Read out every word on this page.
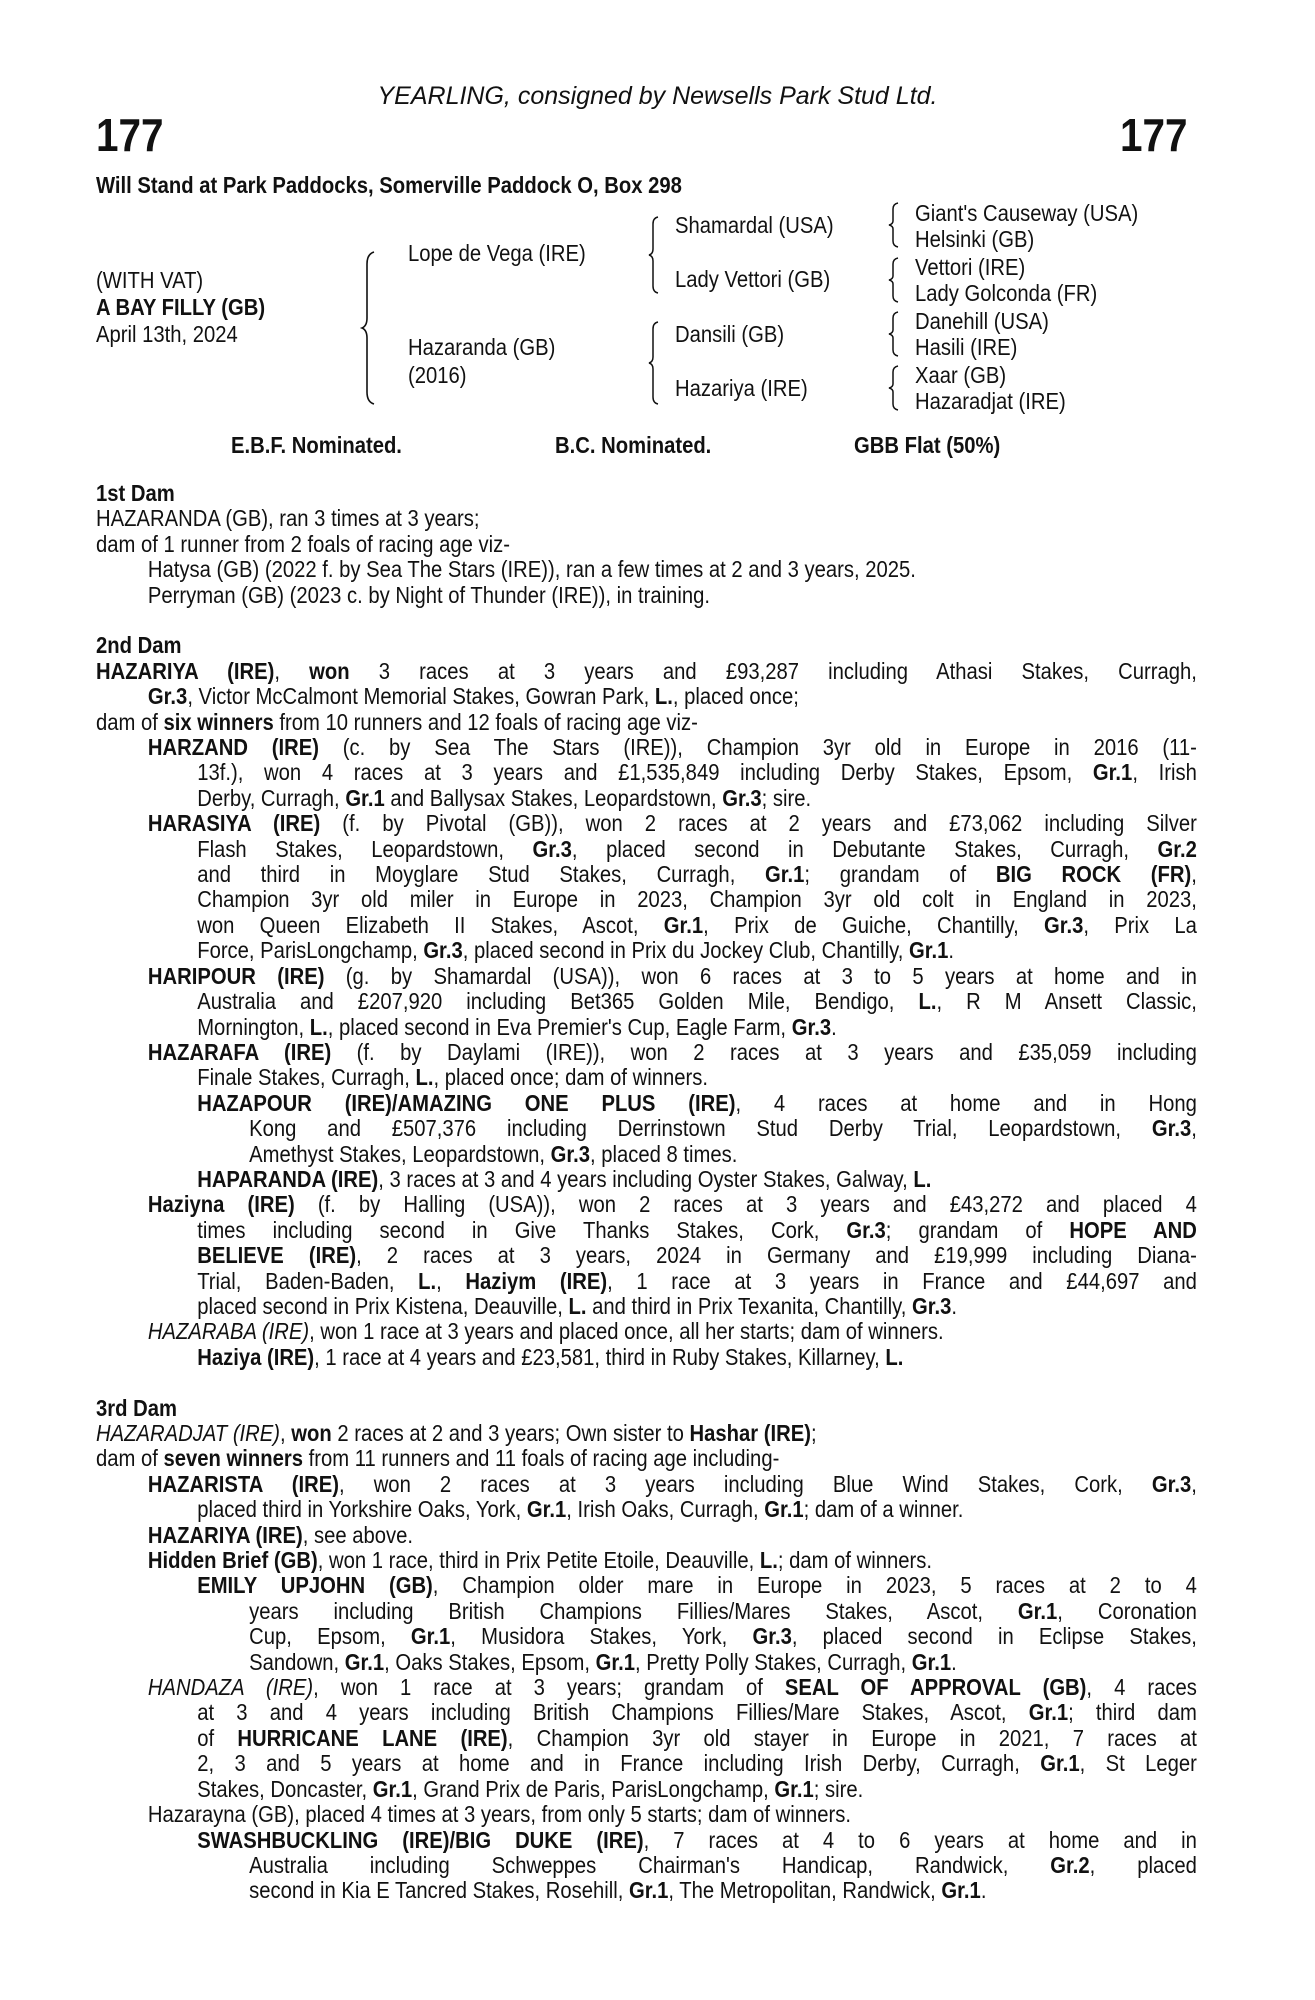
YEARLING, consigned by Newsells Park Stud Ltd.
177	177
Will Stand at Park Paddocks, Somerville Paddock O, Box 298
(WITH VAT)
A BAY FILLY (GB)
April 13th, 2024
Lope de Vega (IRE)
Hazaranda (GB)
(2016)
Shamardal (USA)
Lady Vettori (GB)
Dansili (GB)
Hazariya (IRE)
Giant's Causeway (USA)
Helsinki (GB)
Vettori (IRE)
Lady Golconda (FR)
Danehill (USA)
Hasili (IRE)
Xaar (GB)
Hazaradjat (IRE)
E.B.F. Nominated.	B.C. Nominated.	GBB Flat (50%)
1st Dam
HAZARANDA (GB), ran 3 times at 3 years;
dam of 1 runner from 2 foals of racing age viz-
Hatysa (GB) (2022 f. by Sea The Stars (IRE)), ran a few times at 2 and 3 years, 2025.
Perryman (GB) (2023 c. by Night of Thunder (IRE)), in training.
2nd Dam
HAZARIYA (IRE), won 3 races at 3 years and £93,287 including Athasi Stakes, Curragh,
Gr.3, Victor McCalmont Memorial Stakes, Gowran Park, L., placed once;
dam of six winners from 10 runners and 12 foals of racing age viz-
HARZAND (IRE) (c. by Sea The Stars (IRE)), Champion 3yr old in Europe in 2016 (11-
13f.), won 4 races at 3 years and £1,535,849 including Derby Stakes, Epsom, Gr.1, Irish
Derby, Curragh, Gr.1 and Ballysax Stakes, Leopardstown, Gr.3; sire.
HARASIYA (IRE) (f. by Pivotal (GB)), won 2 races at 2 years and £73,062 including Silver
Flash Stakes, Leopardstown, Gr.3, placed second in Debutante Stakes, Curragh, Gr.2
and third in Moyglare Stud Stakes, Curragh, Gr.1; grandam of BIG ROCK (FR),
Champion 3yr old miler in Europe in 2023, Champion 3yr old colt in England in 2023,
won Queen Elizabeth II Stakes, Ascot, Gr.1, Prix de Guiche, Chantilly, Gr.3, Prix La
Force, ParisLongchamp, Gr.3, placed second in Prix du Jockey Club, Chantilly, Gr.1.
HARIPOUR (IRE) (g. by Shamardal (USA)), won 6 races at 3 to 5 years at home and in
Australia and £207,920 including Bet365 Golden Mile, Bendigo, L., R M Ansett Classic,
Mornington, L., placed second in Eva Premier's Cup, Eagle Farm, Gr.3.
HAZARAFA (IRE) (f. by Daylami (IRE)), won 2 races at 3 years and £35,059 including
Finale Stakes, Curragh, L., placed once; dam of winners.
HAZAPOUR (IRE)/AMAZING ONE PLUS (IRE), 4 races at home and in Hong
Kong and £507,376 including Derrinstown Stud Derby Trial, Leopardstown, Gr.3,
Amethyst Stakes, Leopardstown, Gr.3, placed 8 times.
HAPARANDA (IRE), 3 races at 3 and 4 years including Oyster Stakes, Galway, L.
Haziyna (IRE) (f. by Halling (USA)), won 2 races at 3 years and £43,272 and placed 4
times including second in Give Thanks Stakes, Cork, Gr.3; grandam of HOPE AND
BELIEVE (IRE), 2 races at 3 years, 2024 in Germany and £19,999 including Diana-
Trial, Baden-Baden, L., Haziym (IRE), 1 race at 3 years in France and £44,697 and
placed second in Prix Kistena, Deauville, L. and third in Prix Texanita, Chantilly, Gr.3.
HAZARABA (IRE), won 1 race at 3 years and placed once, all her starts; dam of winners.
Haziya (IRE), 1 race at 4 years and £23,581, third in Ruby Stakes, Killarney, L.
3rd Dam
HAZARADJAT (IRE), won 2 races at 2 and 3 years; Own sister to Hashar (IRE);
dam of seven winners from 11 runners and 11 foals of racing age including-
HAZARISTA (IRE), won 2 races at 3 years including Blue Wind Stakes, Cork, Gr.3,
placed third in Yorkshire Oaks, York, Gr.1, Irish Oaks, Curragh, Gr.1; dam of a winner.
HAZARIYA (IRE), see above.
Hidden Brief (GB), won 1 race, third in Prix Petite Etoile, Deauville, L.; dam of winners.
EMILY UPJOHN (GB), Champion older mare in Europe in 2023, 5 races at 2 to 4
years including British Champions Fillies/Mares Stakes, Ascot, Gr.1, Coronation
Cup, Epsom, Gr.1, Musidora Stakes, York, Gr.3, placed second in Eclipse Stakes,
Sandown, Gr.1, Oaks Stakes, Epsom, Gr.1, Pretty Polly Stakes, Curragh, Gr.1.
HANDAZA (IRE), won 1 race at 3 years; grandam of SEAL OF APPROVAL (GB), 4 races
at 3 and 4 years including British Champions Fillies/Mare Stakes, Ascot, Gr.1; third dam
of HURRICANE LANE (IRE), Champion 3yr old stayer in Europe in 2021, 7 races at
2, 3 and 5 years at home and in France including Irish Derby, Curragh, Gr.1, St Leger
Stakes, Doncaster, Gr.1, Grand Prix de Paris, ParisLongchamp, Gr.1; sire.
Hazarayna (GB), placed 4 times at 3 years, from only 5 starts; dam of winners.
SWASHBUCKLING (IRE)/BIG DUKE (IRE), 7 races at 4 to 6 years at home and in
Australia including Schweppes Chairman's Handicap, Randwick, Gr.2, placed
second in Kia E Tancred Stakes, Rosehill, Gr.1, The Metropolitan, Randwick, Gr.1.
